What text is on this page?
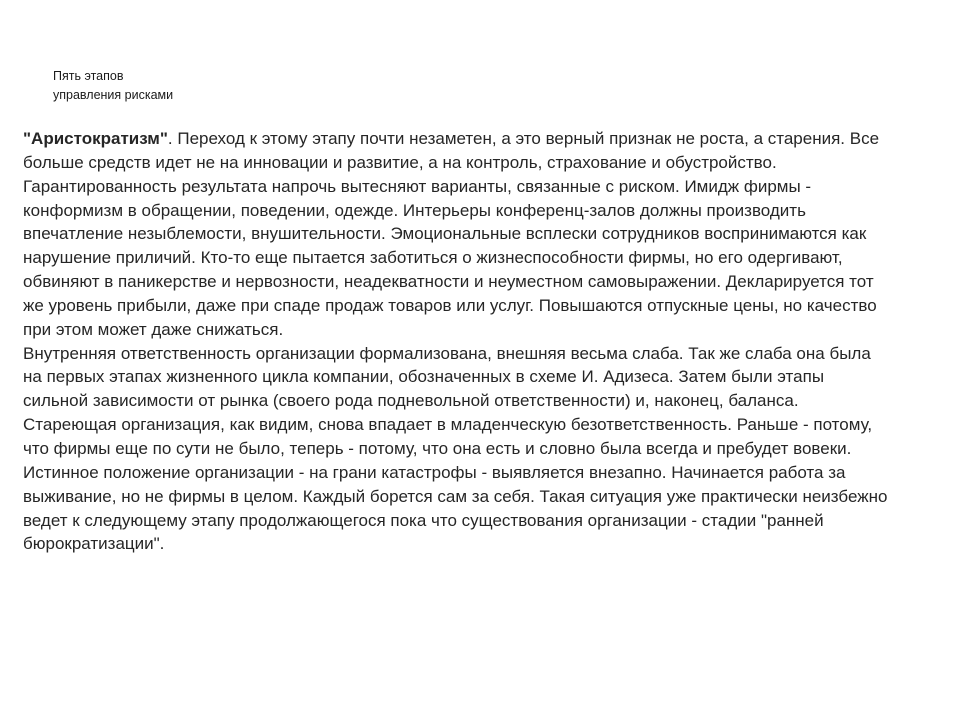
Пять этапов
управления рисками

"Аристократизм". Переход к этому этапу почти незаметен, а это верный признак не роста, а старения. Все больше средств идет не на инновации и развитие, а на контроль, страхование и обустройство. Гарантированность результата напрочь вытесняют варианты, связанные с риском. Имидж фирмы - конформизм в обращении, поведении, одежде. Интерьеры конференц-залов должны производить впечатление незыблемости, внушительности. Эмоциональные всплески сотрудников воспринимаются как нарушение приличий. Кто-то еще пытается заботиться о жизнеспособности фирмы, но его одергивают, обвиняют в паникерстве и нервозности, неадекватности и неуместном самовыражении. Декларируется тот же уровень прибыли, даже при спаде продаж товаров или услуг. Повышаются отпускные цены, но качество при этом может даже снижаться.

Внутренняя ответственность организации формализована, внешняя весьма слаба. Так же слаба она была на первых этапах жизненного цикла компании, обозначенных в схеме И. Адизеса. Затем были этапы сильной зависимости от рынка (своего рода подневольной ответственности) и, наконец, баланса. Стареющая организация, как видим, снова впадает в младенческую безответственность. Раньше - потому, что фирмы еще по сути не было, теперь - потому, что она есть и словно была всегда и пребудет вовеки.

Истинное положение организации - на грани катастрофы - выявляется внезапно. Начинается работа за выживание, но не фирмы в целом. Каждый борется сам за себя. Такая ситуация уже практически неизбежно ведет к следующему этапу продолжающегося пока что существования организации - стадии "ранней бюрократизации".
